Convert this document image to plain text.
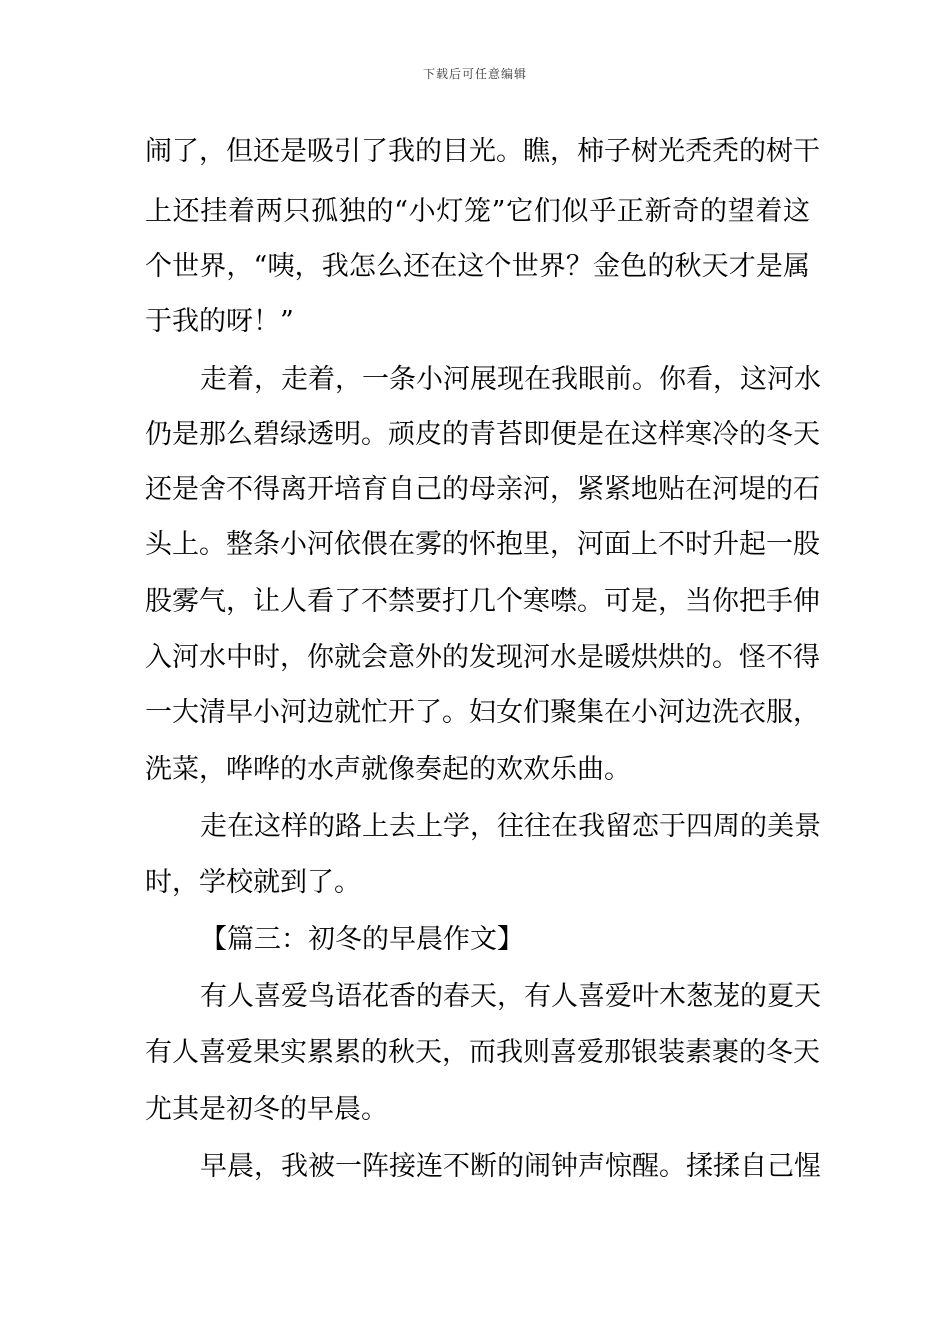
下载后可任意编辑
闹了，但还是吸引了我的目光。瞧，柿子树光秃秃的树干
上还挂着两只孤独的“小灯笼”它们似乎正新奇的望着这
个世界，“咦，我怎么还在这个世界？金色的秋天才是属
于我的呀！”
走着，走着，一条小河展现在我眼前。你看，这河水
仍是那么碧绿透明。顽皮的青苔即便是在这样寒冷的冬天
还是舍不得离开培育自己的母亲河，紧紧地贴在河堤的石
头上。整条小河依偎在雾的怀抱里，河面上不时升起一股
股雾气，让人看了不禁要打几个寒噤。可是，当你把手伸
入河水中时，你就会意外的发现河水是暖烘烘的。怪不得
一大清早小河边就忙开了。妇女们聚集在小河边洗衣服，
洗菜，哗哗的水声就像奏起的欢欢乐曲。
走在这样的路上去上学，往往在我留恋于四周的美景
时，学校就到了。
【篇三：初冬的早晨作文】
有人喜爱鸟语花香的春天，有人喜爱叶木葱茏的夏天
有人喜爱果实累累的秋天，而我则喜爱那银装素裹的冬天
尤其是初冬的早晨。
早晨，我被一阵接连不断的闹钟声惊醒。揉揉自己惺
